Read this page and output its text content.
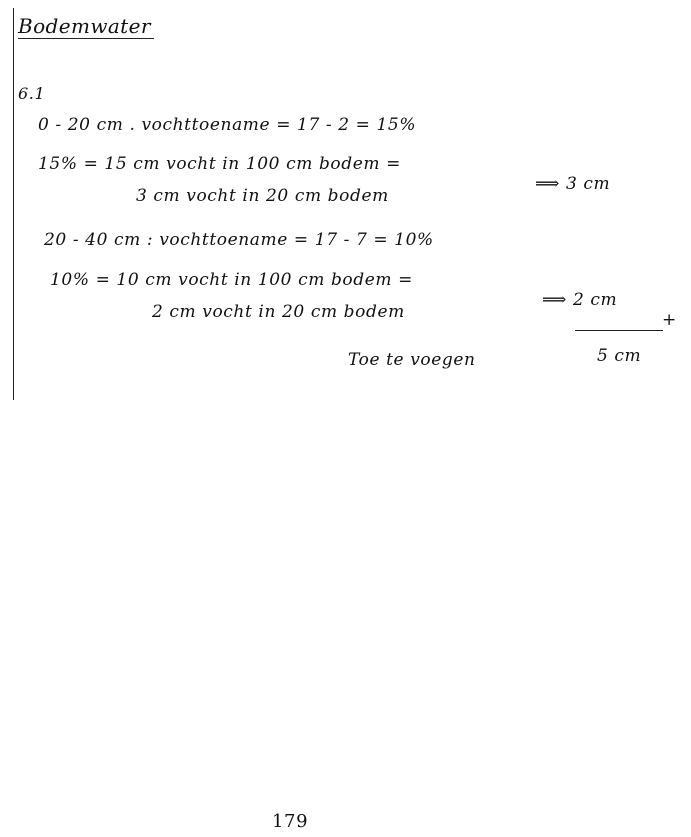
Bodemwater
6.1
0 - 20 cm . vochttoename = 17 - 2 = 15%
15% = 15 cm vocht in 100 cm bodem =
3 cm vocht in 20 cm bodem
⟹ 3 cm
20 - 40 cm : vochttoename = 17 - 7 = 10%
10% = 10 cm vocht in 100 cm bodem =
2 cm vocht in 20 cm bodem
⟹ 2 cm
+
Toe te voegen	5 cm
179
